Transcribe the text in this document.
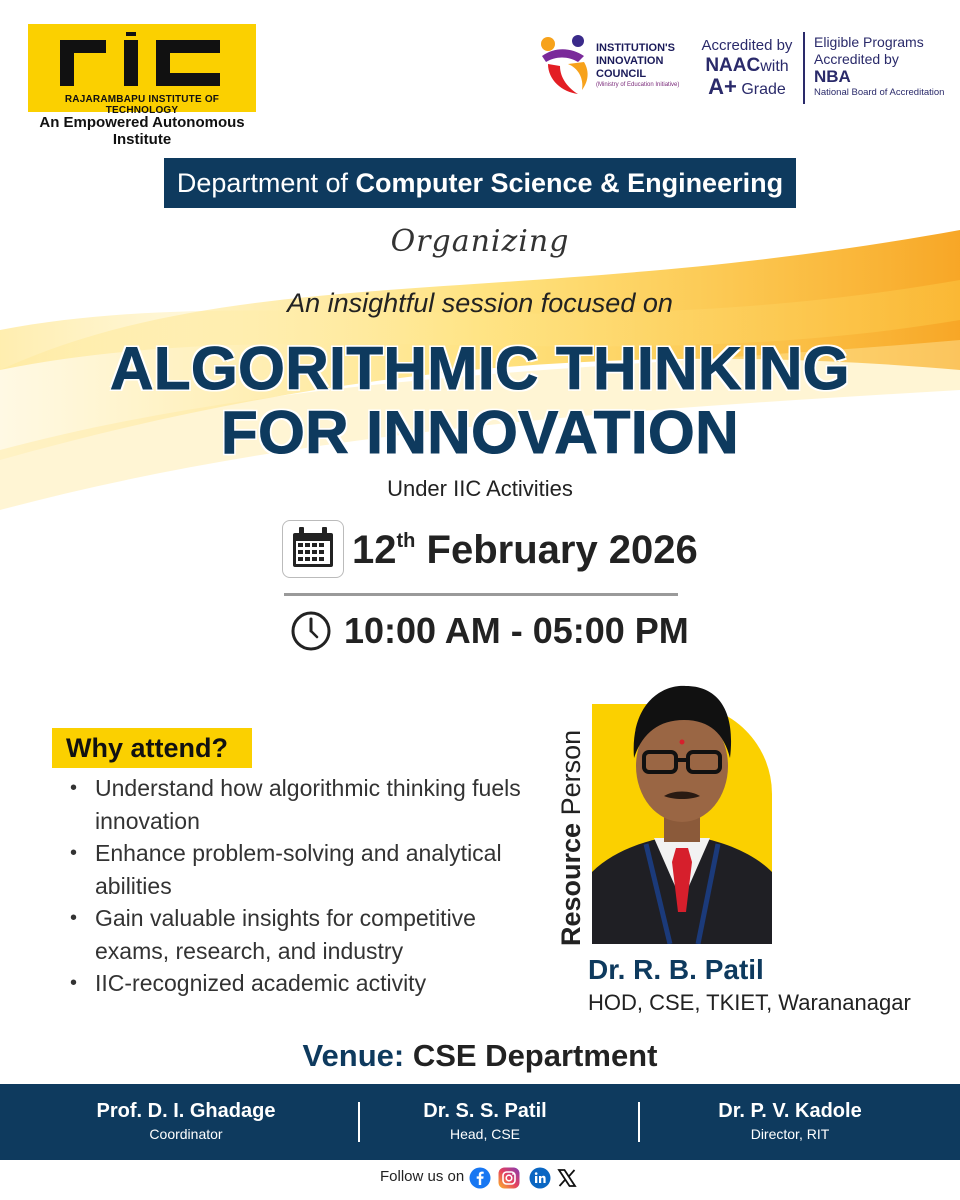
RAJARAMBAPU INSTITUTE OF TECHNOLOGY
An Empowered Autonomous Institute
INSTITUTION'S
INNOVATION
COUNCIL
(Ministry of Education Initiative)
Accredited by
NAACwith
A+ Grade
Eligible Programs
Accredited by
NBA
National Board of Accreditation
Department of Computer Science & Engineering
Organizing
An insightful session focused on
ALGORITHMIC THINKING
FOR INNOVATION
Under IIC Activities
12th February 2026
10:00 AM - 05:00 PM
Why attend?
• Understand how algorithmic thinking fuels innovation
• Enhance problem-solving and analytical abilities
• Gain valuable insights for competitive exams, research, and industry
• IIC-recognized academic activity
Resource Person
Dr. R. B. Patil
HOD, CSE, TKIET, Warananagar
Venue: CSE Department
Prof. D. I. Ghadage
Coordinator
Dr. S. S. Patil
Head, CSE
Dr. P. V. Kadole
Director, RIT
Follow us on
